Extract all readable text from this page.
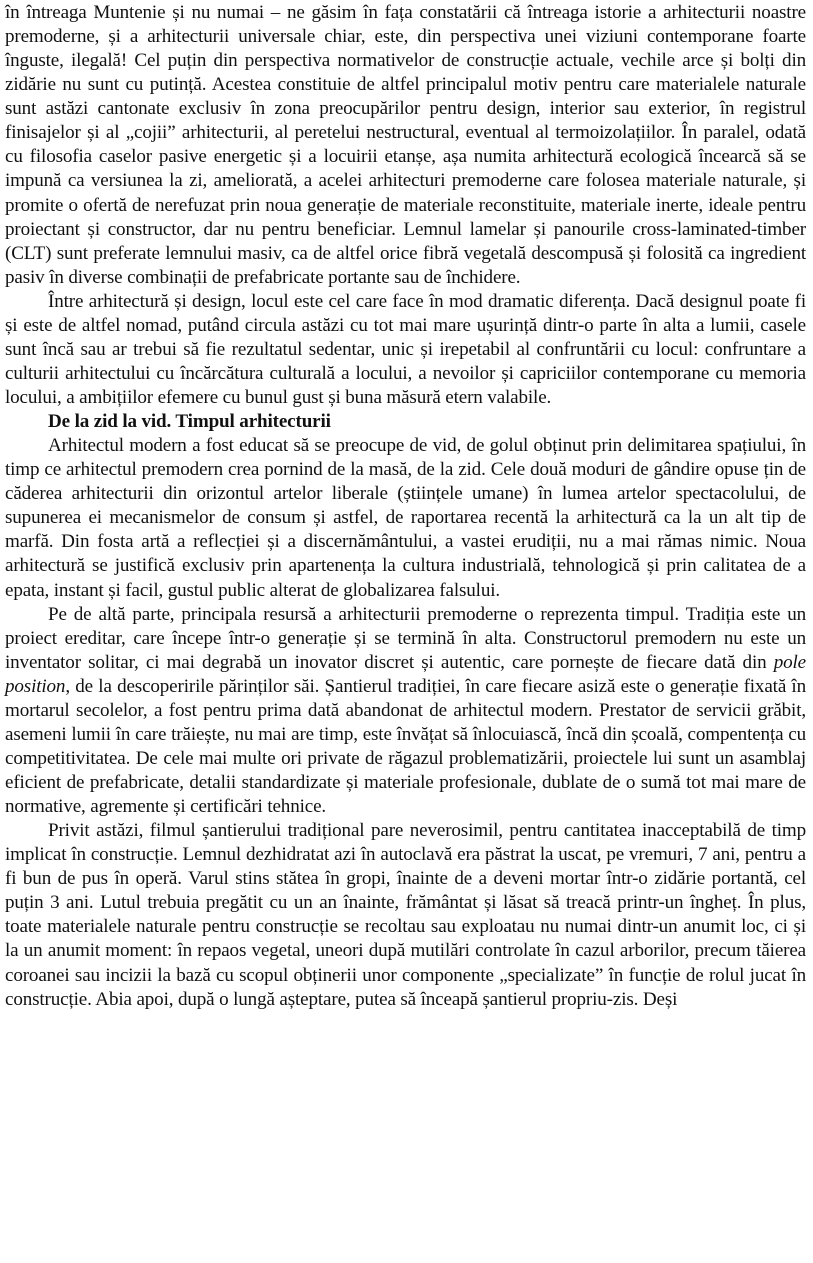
în întreaga Muntenie și nu numai – ne găsim în fața constatării că întreaga istorie a arhitecturii noastre premoderne, și a arhitecturii universale chiar, este, din perspectiva unei viziuni contemporane foarte înguste, ilegală! Cel puțin din perspectiva normativelor de construcție actuale, vechile arce și bolți din zidărie nu sunt cu putință. Acestea constituie de altfel principalul motiv pentru care materialele naturale sunt astăzi cantonate exclusiv în zona preocupărilor pentru design, interior sau exterior, în registrul finisajelor și al „cojii” arhitecturii, al peretelui nestructural, eventual al termoizolațiilor. În paralel, odată cu filosofia caselor pasive energetic și a locuirii etanșe, așa numita arhitectură ecologică încearcă să se impună ca versiunea la zi, ameliorată, a acelei arhitecturi premoderne care folosea materiale naturale, și promite o ofertă de nerefuzat prin noua generație de materiale reconstituite, materiale inerte, ideale pentru proiectant și constructor, dar nu pentru beneficiar. Lemnul lamelar și panourile cross-laminated-timber (CLT) sunt preferate lemnului masiv, ca de altfel orice fibră vegetală descompusă și folosită ca ingredient pasiv în diverse combinații de prefabricate portante sau de închidere.

Între arhitectură și design, locul este cel care face în mod dramatic diferența. Dacă designul poate fi și este de altfel nomad, putând circula astăzi cu tot mai mare ușurință dintr-o parte în alta a lumii, casele sunt încă sau ar trebui să fie rezultatul sedentar, unic și irepetabil al confruntării cu locul: confruntare a culturii arhitectului cu încărcătura culturală a locului, a nevoilor și capriciilor contemporane cu memoria locului, a ambițiilor efemere cu bunul gust și buna măsură etern valabile.

De la zid la vid. Timpul arhitecturii

Arhitectul modern a fost educat să se preocupe de vid, de golul obținut prin delimitarea spațiului, în timp ce arhitectul premodern crea pornind de la masă, de la zid. Cele două moduri de gândire opuse țin de căderea arhitecturii din orizontul artelor liberale (științele umane) în lumea artelor spectacolului, de supunerea ei mecanismelor de consum și astfel, de raportarea recentă la arhitectură ca la un alt tip de marfă. Din fosta artă a reflecției și a discernământului, a vastei erudiții, nu a mai rămas nimic. Noua arhitectură se justifică exclusiv prin apartenența la cultura industrială, tehnologică și prin calitatea de a epata, instant și facil, gustul public alterat de globalizarea falsului.

Pe de altă parte, principala resursă a arhitecturii premoderne o reprezenta timpul. Tradiția este un proiect ereditar, care începe într-o generație și se termină în alta. Constructorul premodern nu este un inventator solitar, ci mai degrabă un inovator discret și autentic, care pornește de fiecare dată din pole position, de la descoperirile părinților săi. Șantierul tradiției, în care fiecare asiză este o generație fixată în mortarul secolelor, a fost pentru prima dată abandonat de arhitectul modern. Prestator de servicii grăbit, asemeni lumii în care trăiește, nu mai are timp, este învățat să înlocuiască, încă din școală, compentența cu competitivitatea. De cele mai multe ori private de răgazul problematizării, proiectele lui sunt un asamblaj eficient de prefabricate, detalii standardizate și materiale profesionale, dublate de o sumă tot mai mare de normative, agremente și certificări tehnice.

Privit astăzi, filmul șantierului tradițional pare neverosimil, pentru cantitatea inacceptabilă de timp implicat în construcție. Lemnul dezhidratat azi în autoclavă era păstrat la uscat, pe vremuri, 7 ani, pentru a fi bun de pus în operă. Varul stins stătea în gropi, înainte de a deveni mortar într-o zidărie portantă, cel puțin 3 ani. Lutul trebuia pregătit cu un an înainte, frământat și lăsat să treacă printr-un îngheț. În plus, toate materialele naturale pentru construcție se recoltau sau exploatau nu numai dintr-un anumit loc, ci și la un anumit moment: în repaos vegetal, uneori după mutilări controlate în cazul arborilor, precum tăierea coroanei sau incizii la bază cu scopul obținerii unor componente „specializate” în funcție de rolul jucat în construcție. Abia apoi, după o lungă așteptare, putea să înceapă șantierul propriu-zis. Deși
